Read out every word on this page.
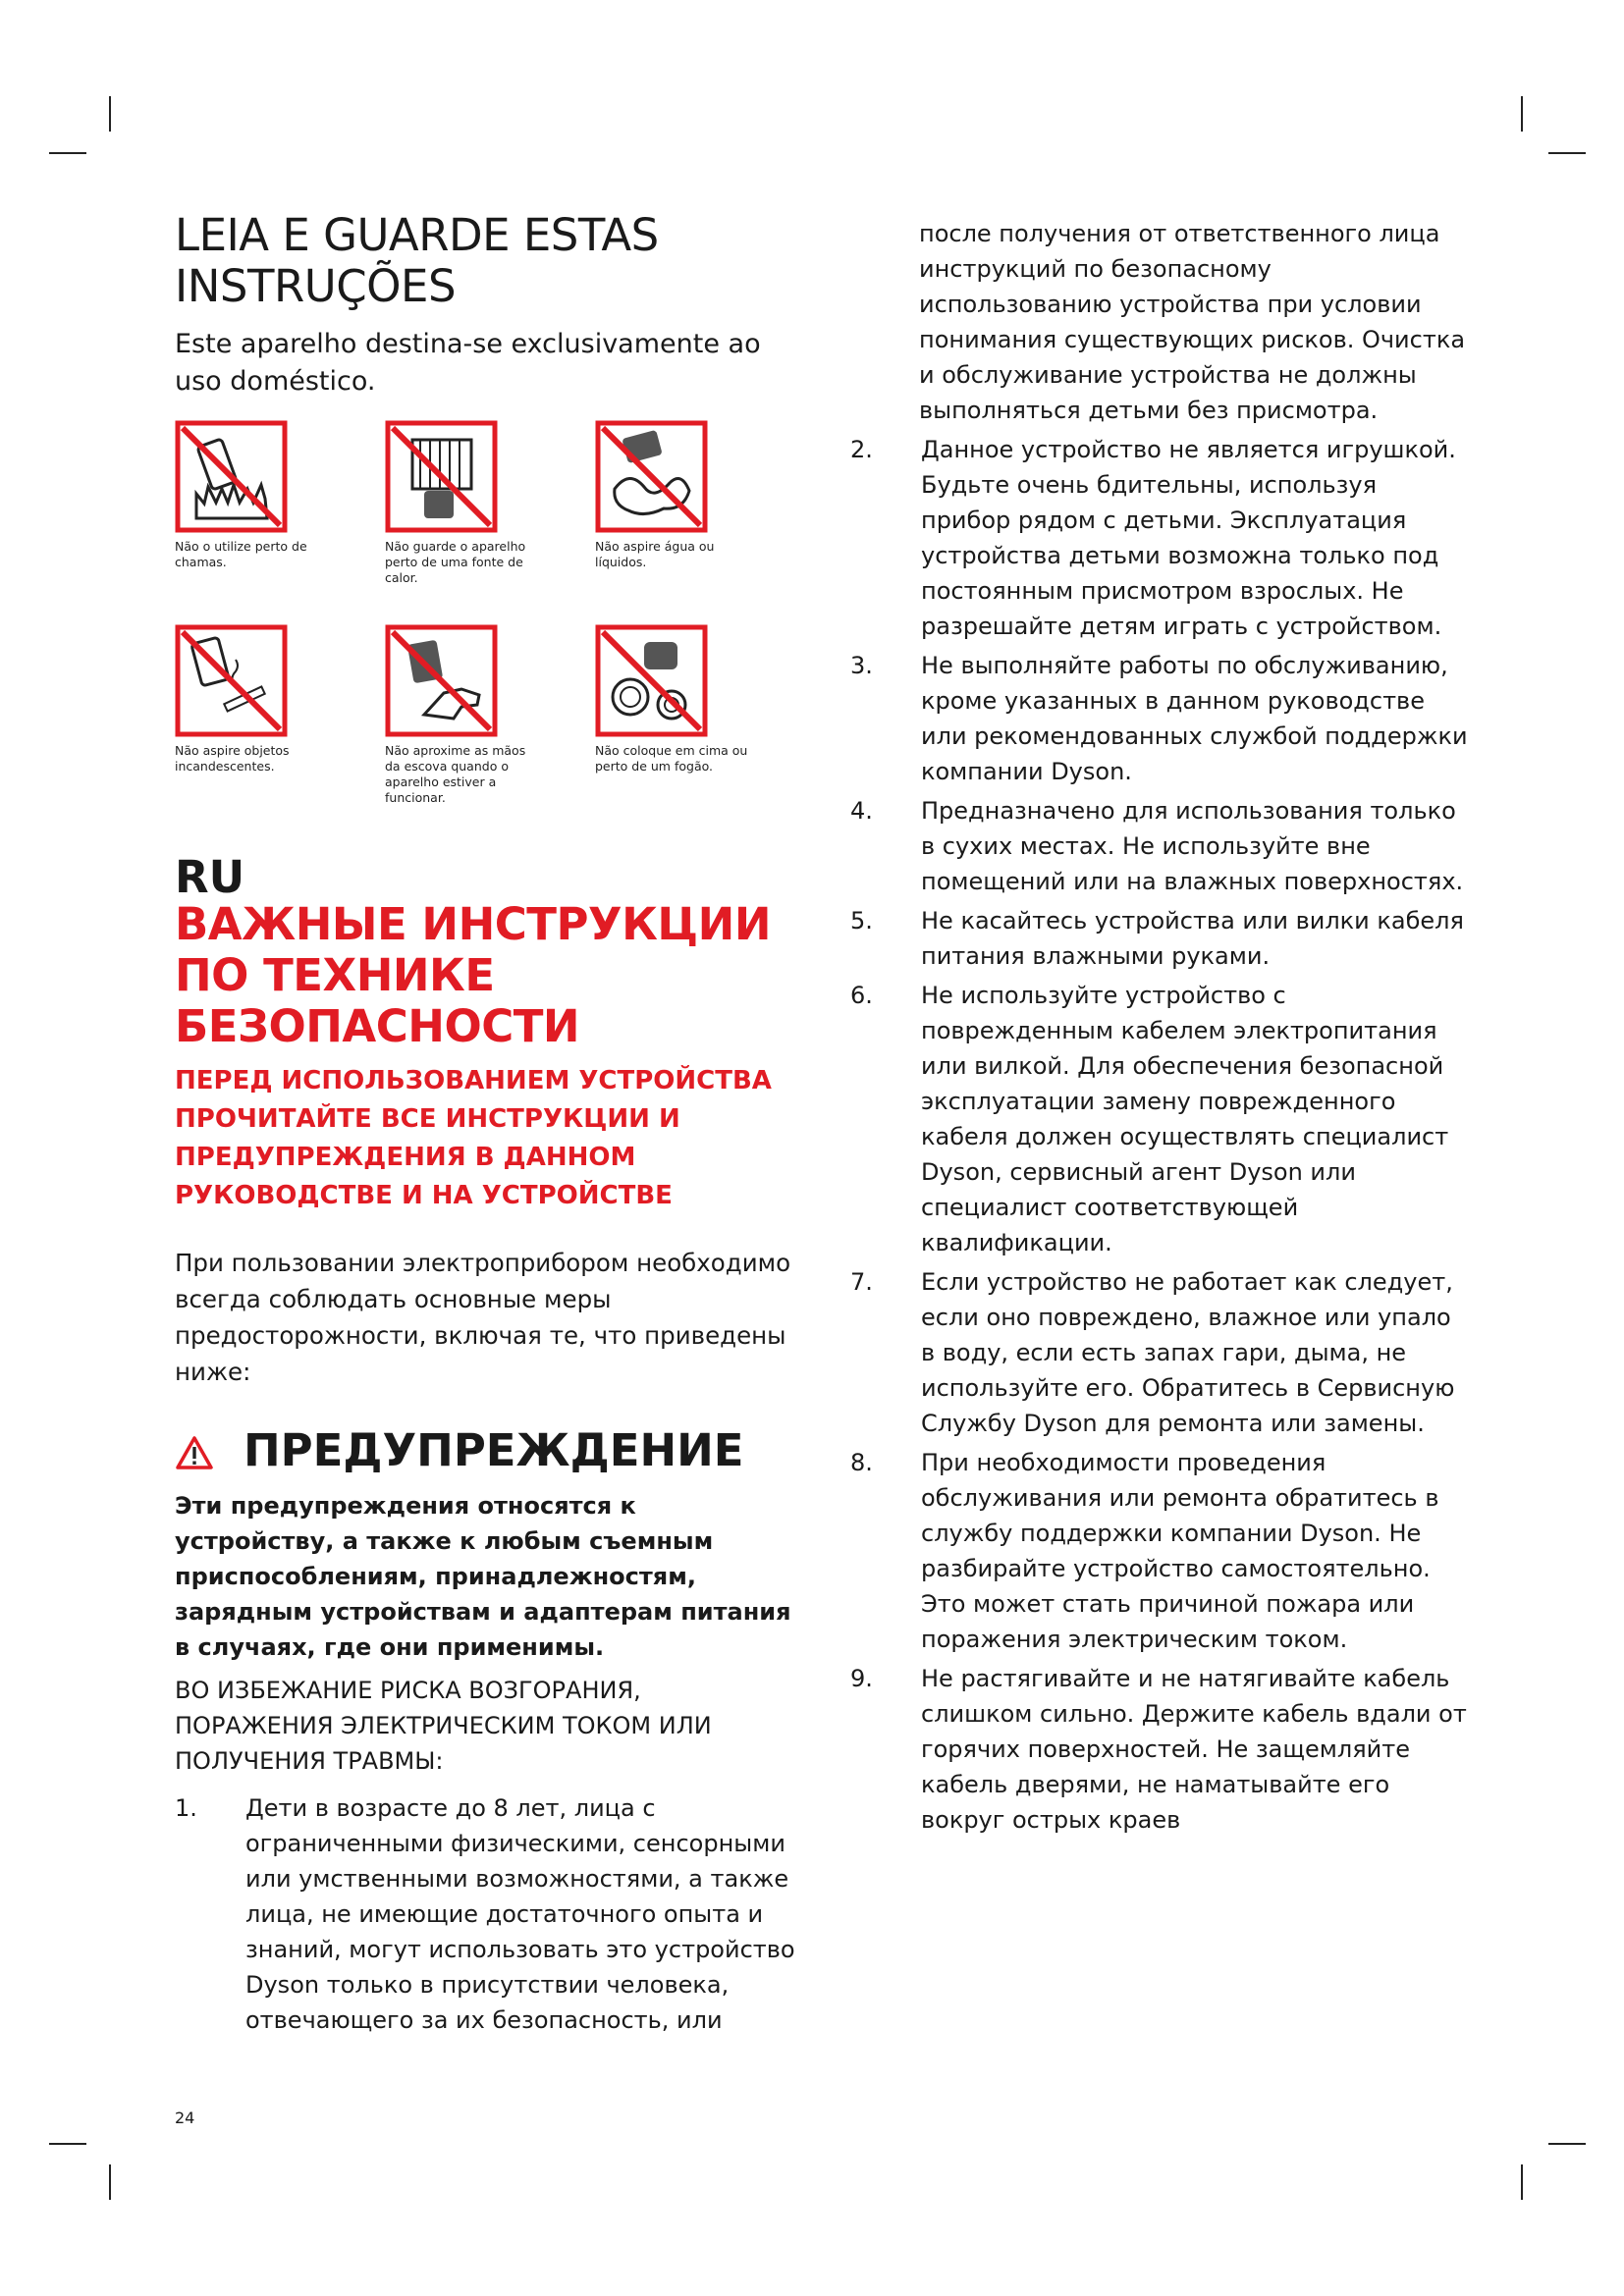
LEIA E GUARDE ESTAS INSTRUÇÕES

Este aparelho destina-se exclusivamente ao uso doméstico.

Não o utilize perto de chamas.
Não guarde o aparelho perto de uma fonte de calor.
Não aspire água ou líquidos.
Não aspire objetos incandescentes.
Não aproxime as mãos da escova quando o aparelho estiver a funcionar.
Não coloque em cima ou perto de um fogão.
RU
ВАЖНЫЕ ИНСТРУКЦИИ ПО ТЕХНИКЕ БЕЗОПАСНОСТИ

ПЕРЕД ИСПОЛЬЗОВАНИЕМ УСТРОЙСТВА ПРОЧИТАЙТЕ ВСЕ ИНСТРУКЦИИ И ПРЕДУПРЕЖДЕНИЯ В ДАННОМ РУКОВОДСТВЕ И НА УСТРОЙСТВЕ

При пользовании электроприбором необходимо всегда соблюдать основные меры предосторожности, включая те, что приведены ниже:

ПРЕДУПРЕЖДЕНИЕ

Эти предупреждения относятся к устройству, а также к любым съемным приспособлениям, принадлежностям, зарядным устройствам и адаптерам питания в случаях, где они применимы.

ВО ИЗБЕЖАНИЕ РИСКА ВОЗГОРАНИЯ, ПОРАЖЕНИЯ ЭЛЕКТРИЧЕСКИМ ТОКОМ ИЛИ ПОЛУЧЕНИЯ ТРАВМЫ:

1. Дети в возрасте до 8 лет, лица с ограниченными физическими, сенсорными или умственными возможностями, а также лица, не имеющие достаточного опыта и знаний, могут использовать это устройство Dyson только в присутствии человека, отвечающего за их безопасность, или
после получения от ответственного лица инструкций по безопасному использованию устройства при условии понимания существующих рисков. Очистка и обслуживание устройства не должны выполняться детьми без присмотра.
2. Данное устройство не является игрушкой. Будьте очень бдительны, используя прибор рядом с детьми. Эксплуатация устройства детьми возможна только под постоянным присмотром взрослых. Не разрешайте детям играть с устройством.
3. Не выполняйте работы по обслуживанию, кроме указанных в данном руководстве или рекомендованных службой поддержки компании Dyson.
4. Предназначено для использования только в сухих местах. Не используйте вне помещений или на влажных поверхностях.
5. Не касайтесь устройства или вилки кабеля питания влажными руками.
6. Не используйте устройство с поврежденным кабелем электропитания или вилкой. Для обеспечения безопасной эксплуатации замену поврежденного кабеля должен осуществлять специалист Dyson, сервисный агент Dyson или специалист соответствующей квалификации.
7. Если устройство не работает как следует, если оно повреждено, влажное или упало в воду, если есть запах гари, дыма, не используйте его. Обратитесь в Сервисную Службу Dyson для ремонта или замены.
8. При необходимости проведения обслуживания или ремонта обратитесь в службу поддержки компании Dyson. Не разбирайте устройство самостоятельно. Это может стать причиной пожара или поражения электрическим током.
9. Не растягивайте и не натягивайте кабель слишком сильно. Держите кабель вдали от горячих поверхностей. Не защемляйте кабель дверями, не наматывайте его вокруг острых краев
24
